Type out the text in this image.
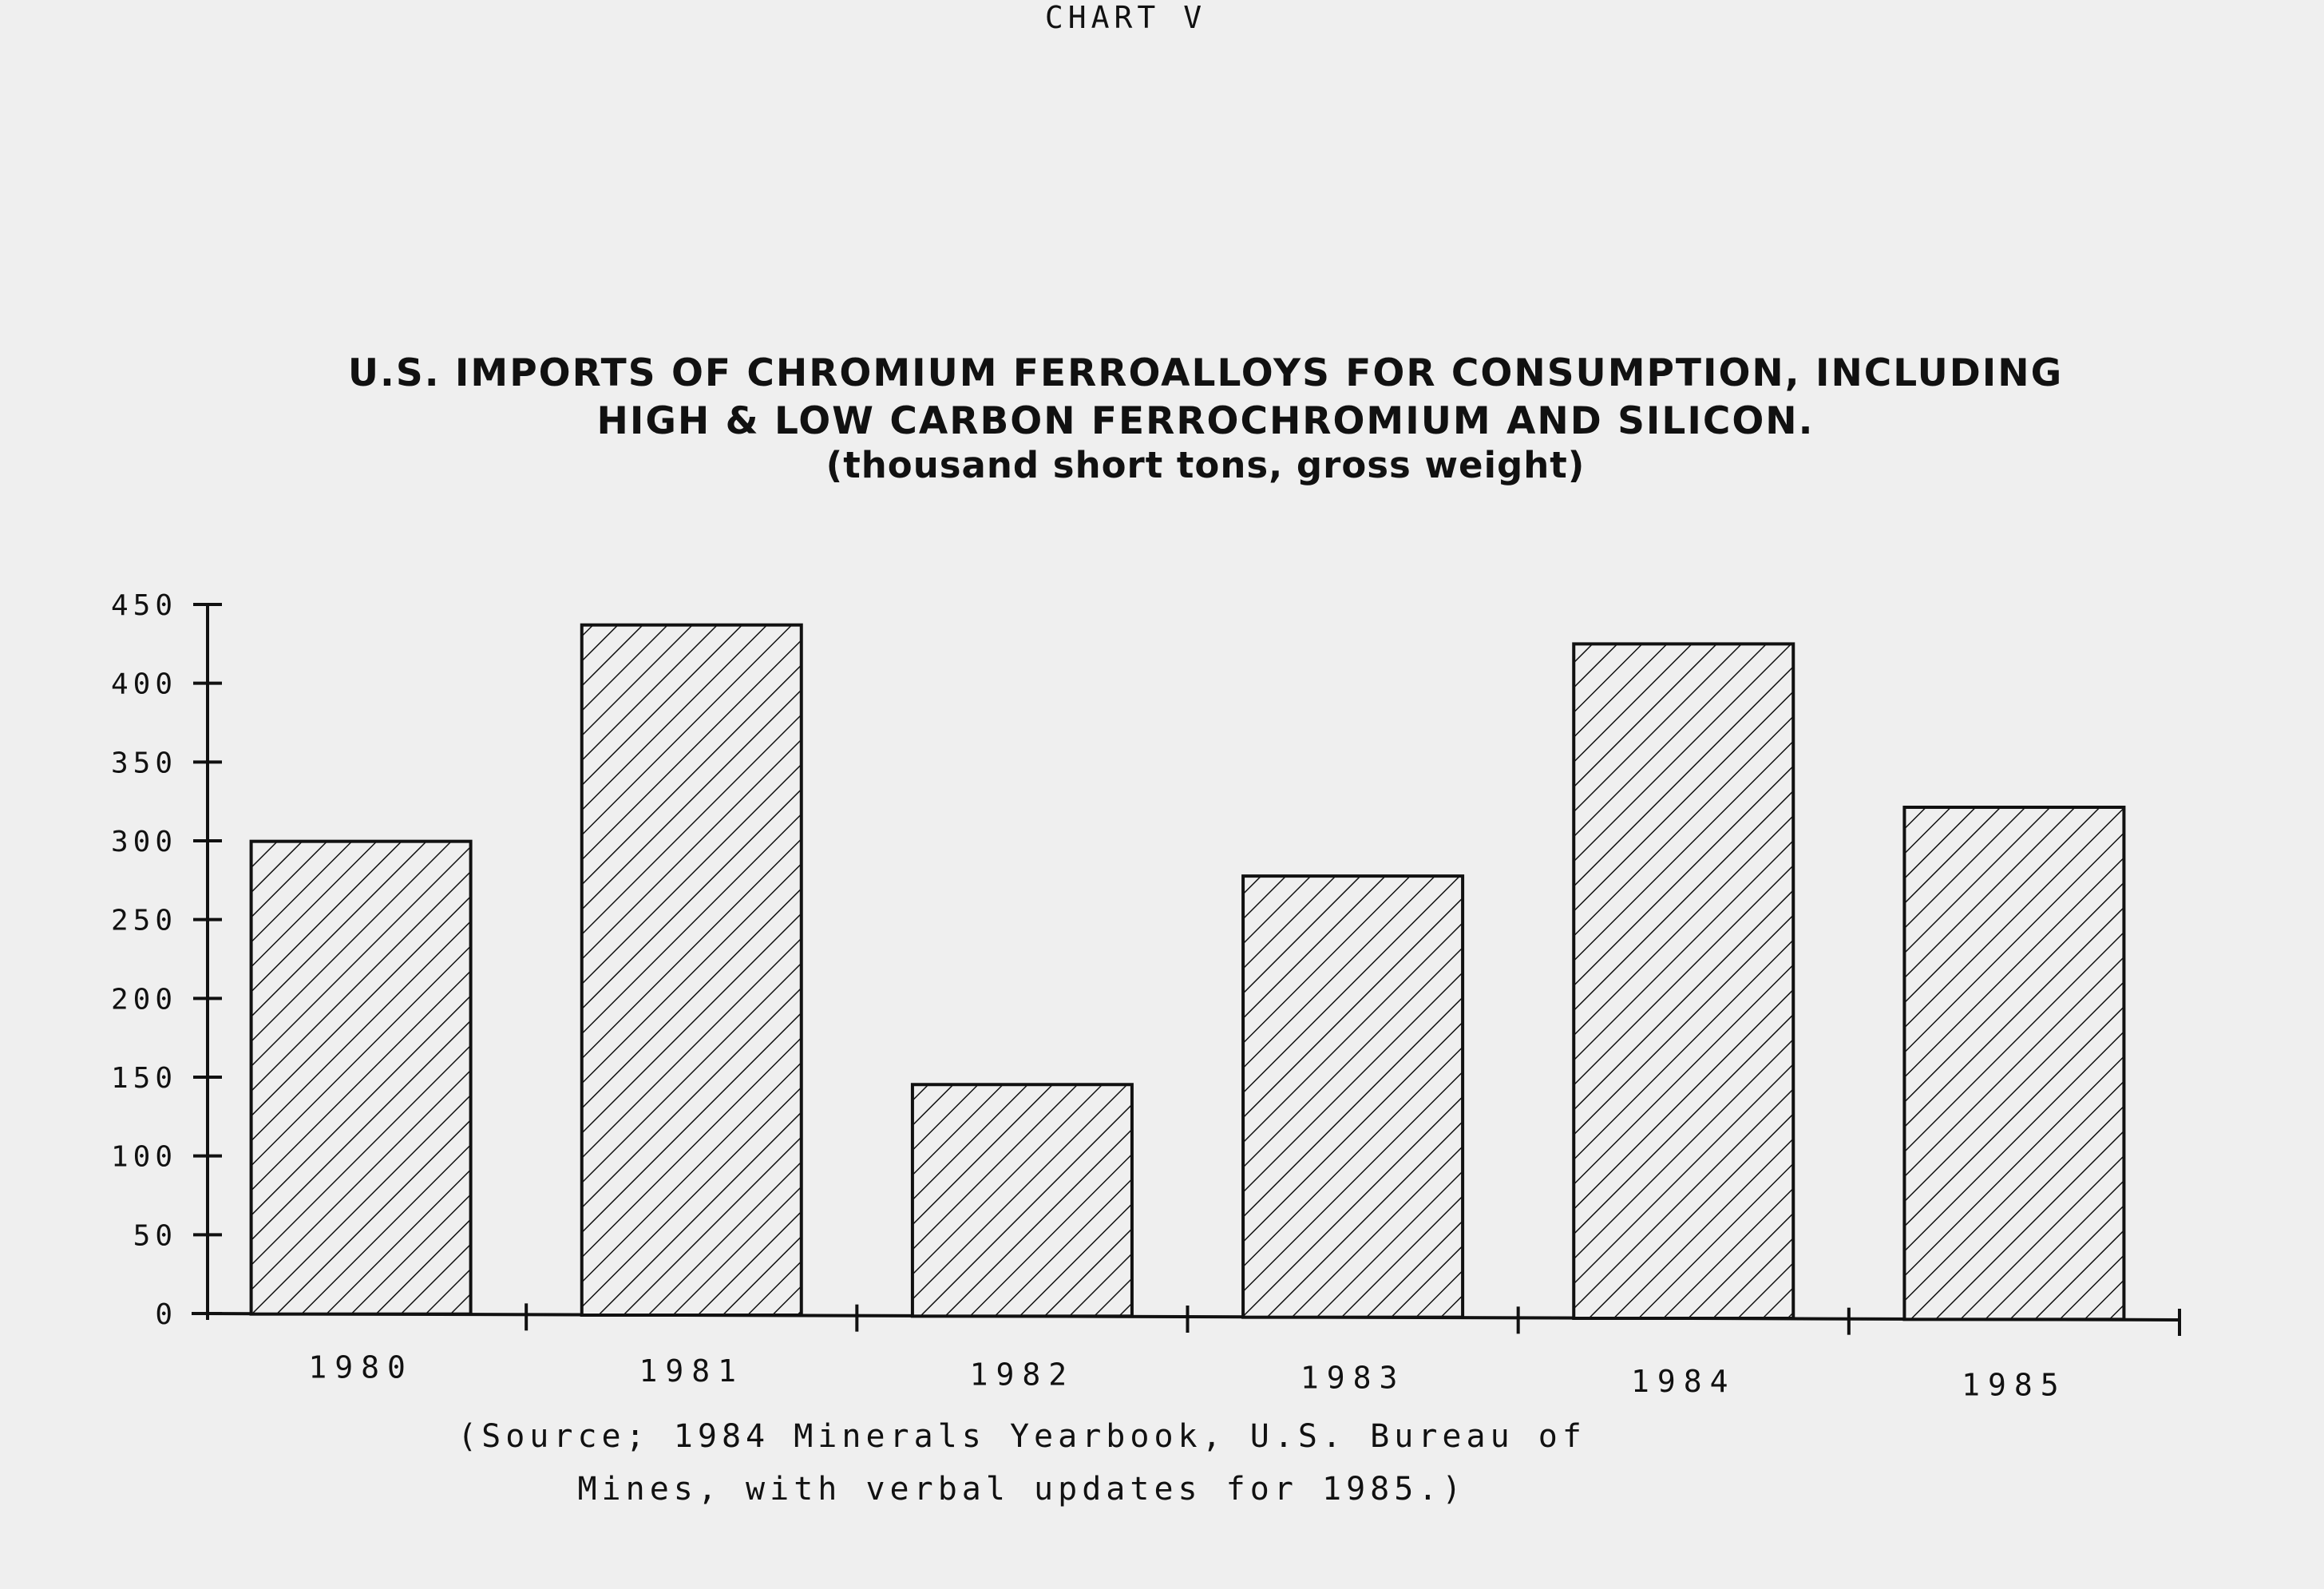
CHART V
U.S. IMPORTS OF CHROMIUM FERROALLOYS FOR CONSUMPTION, INCLUDING
HIGH & LOW CARBON FERROCHROMIUM AND SILICON.
(thousand short tons, gross weight)
0
50
100
150
200
250
300
350
400
450
1980	1981	1982	1983	1984	1985
(Source; 1984 Minerals Yearbook, U.S. Bureau of
Mines, with verbal updates for 1985.)
